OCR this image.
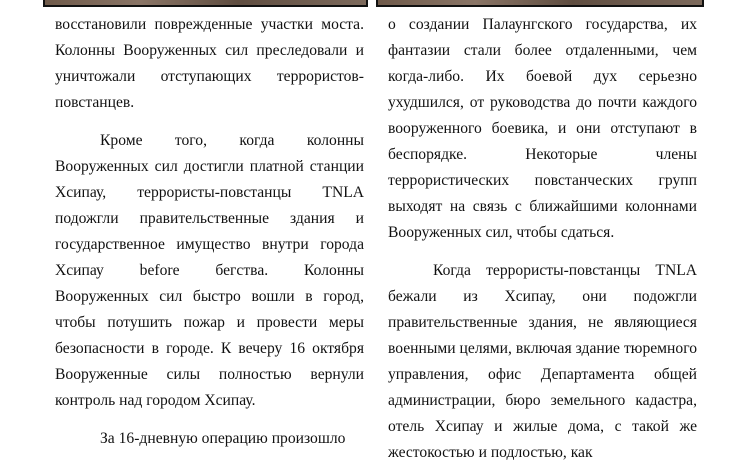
восстановили поврежденные участки моста. Колонны Вооруженных сил преследовали и уничтожали отступающих террористов-повстанцев.

Кроме того, когда колонны Вооруженных сил достигли платной станции Хсипау, террористы-повстанцы TNLA подожгли правительственные здания и государственное имущество внутри города Хсипау before бегства. Колонны Вооруженных сил быстро вошли в город, чтобы потушить пожар и провести меры безопасности в городе. К вечеру 16 октября Вооруженные силы полностью вернули контроль над городом Хсипау.

За 16-дневную операцию произошло

о создании Палаунгского государства, их фантазии стали более отдаленными, чем когда-либо. Их боевой дух серьезно ухудшился, от руководства до почти каждого вооруженного боевика, и они отступают в беспорядке. Некоторые члены террористических повстанческих групп выходят на связь с ближайшими колоннами Вооруженных сил, чтобы сдаться.

Когда террористы-повстанцы TNLA бежали из Хсипау, они подожгли правительственные здания, не являющиеся военными целями, включая здание тюремного управления, офис Департамента общей администрации, бюро земельного кадастра, отель Хсипау и жилые дома, с такой же жестокостью и подлостью, как
